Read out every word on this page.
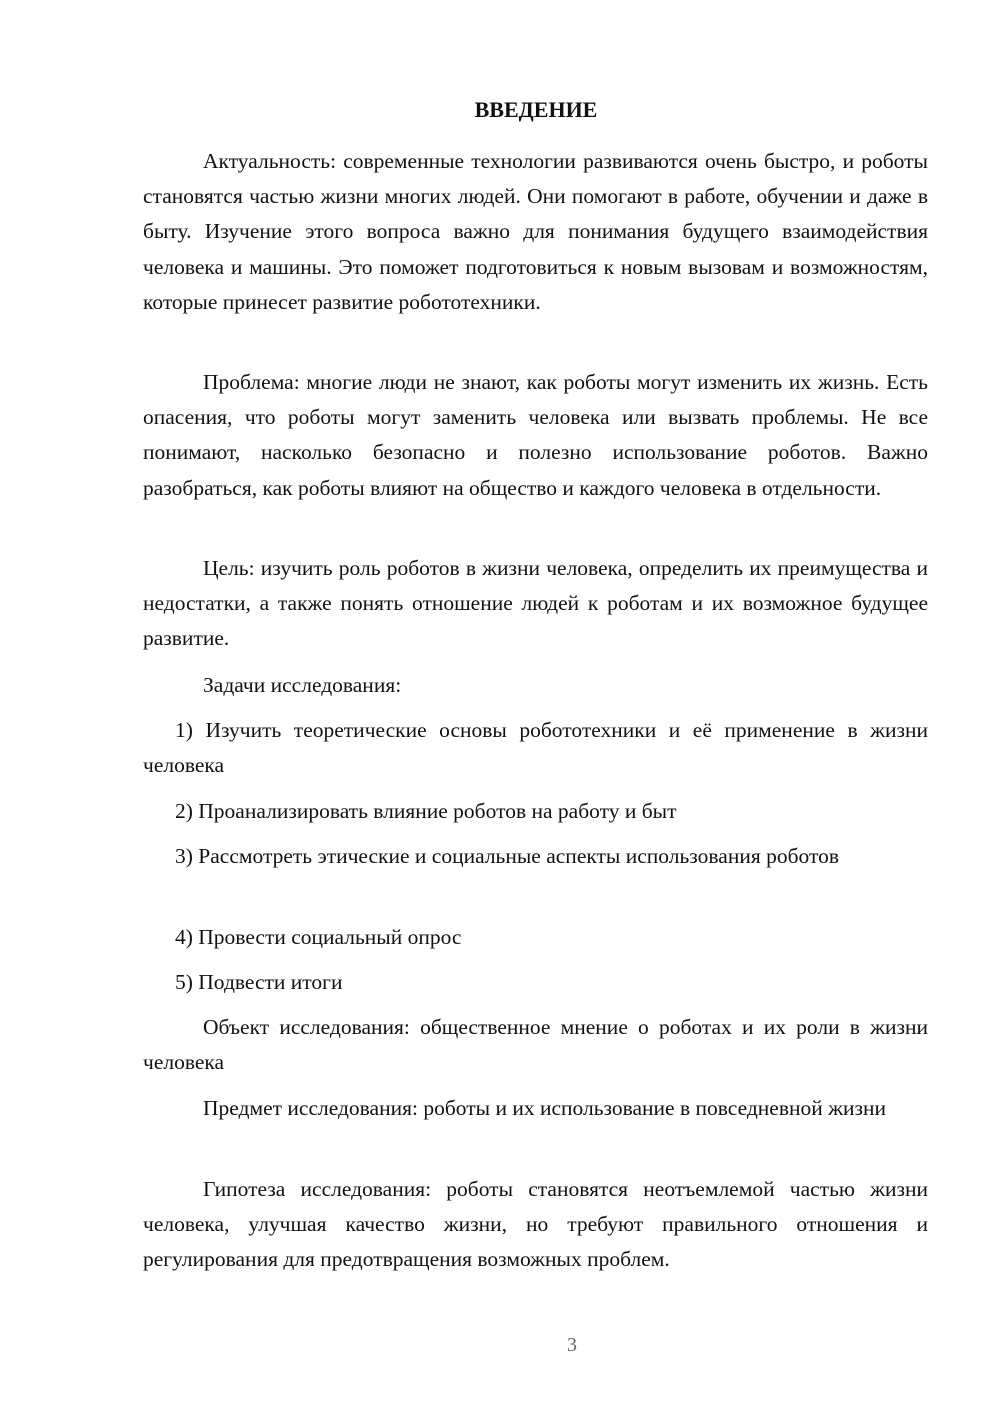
ВВЕДЕНИЕ

Актуальность: современные технологии развиваются очень быстро, и роботы становятся частью жизни многих людей. Они помогают в работе, обучении и даже в быту. Изучение этого вопроса важно для понимания будущего взаимодействия человека и машины. Это поможет подготовиться к новым вызовам и возможностям, которые принесет развитие робототехники.

Проблема: многие люди не знают, как роботы могут изменить их жизнь. Есть опасения, что роботы могут заменить человека или вызвать проблемы. Не все понимают, насколько безопасно и полезно использование роботов. Важно разобраться, как роботы влияют на общество и каждого человека в отдельности.

Цель: изучить роль роботов в жизни человека, определить их преимущества и недостатки, а также понять отношение людей к роботам и их возможное будущее развитие.

Задачи исследования:

1) Изучить теоретические основы робототехники и её применение в жизни человека

2) Проанализировать влияние роботов на работу и быт

3) Рассмотреть этические и социальные аспекты использования роботов

4) Провести социальный опрос

5) Подвести итоги

Объект исследования: общественное мнение о роботах и их роли в жизни человека

Предмет исследования: роботы и их использование в повседневной жизни

Гипотеза исследования: роботы становятся неотъемлемой частью жизни человека, улучшая качество жизни, но требуют правильного отношения и регулирования для предотвращения возможных проблем.

3
